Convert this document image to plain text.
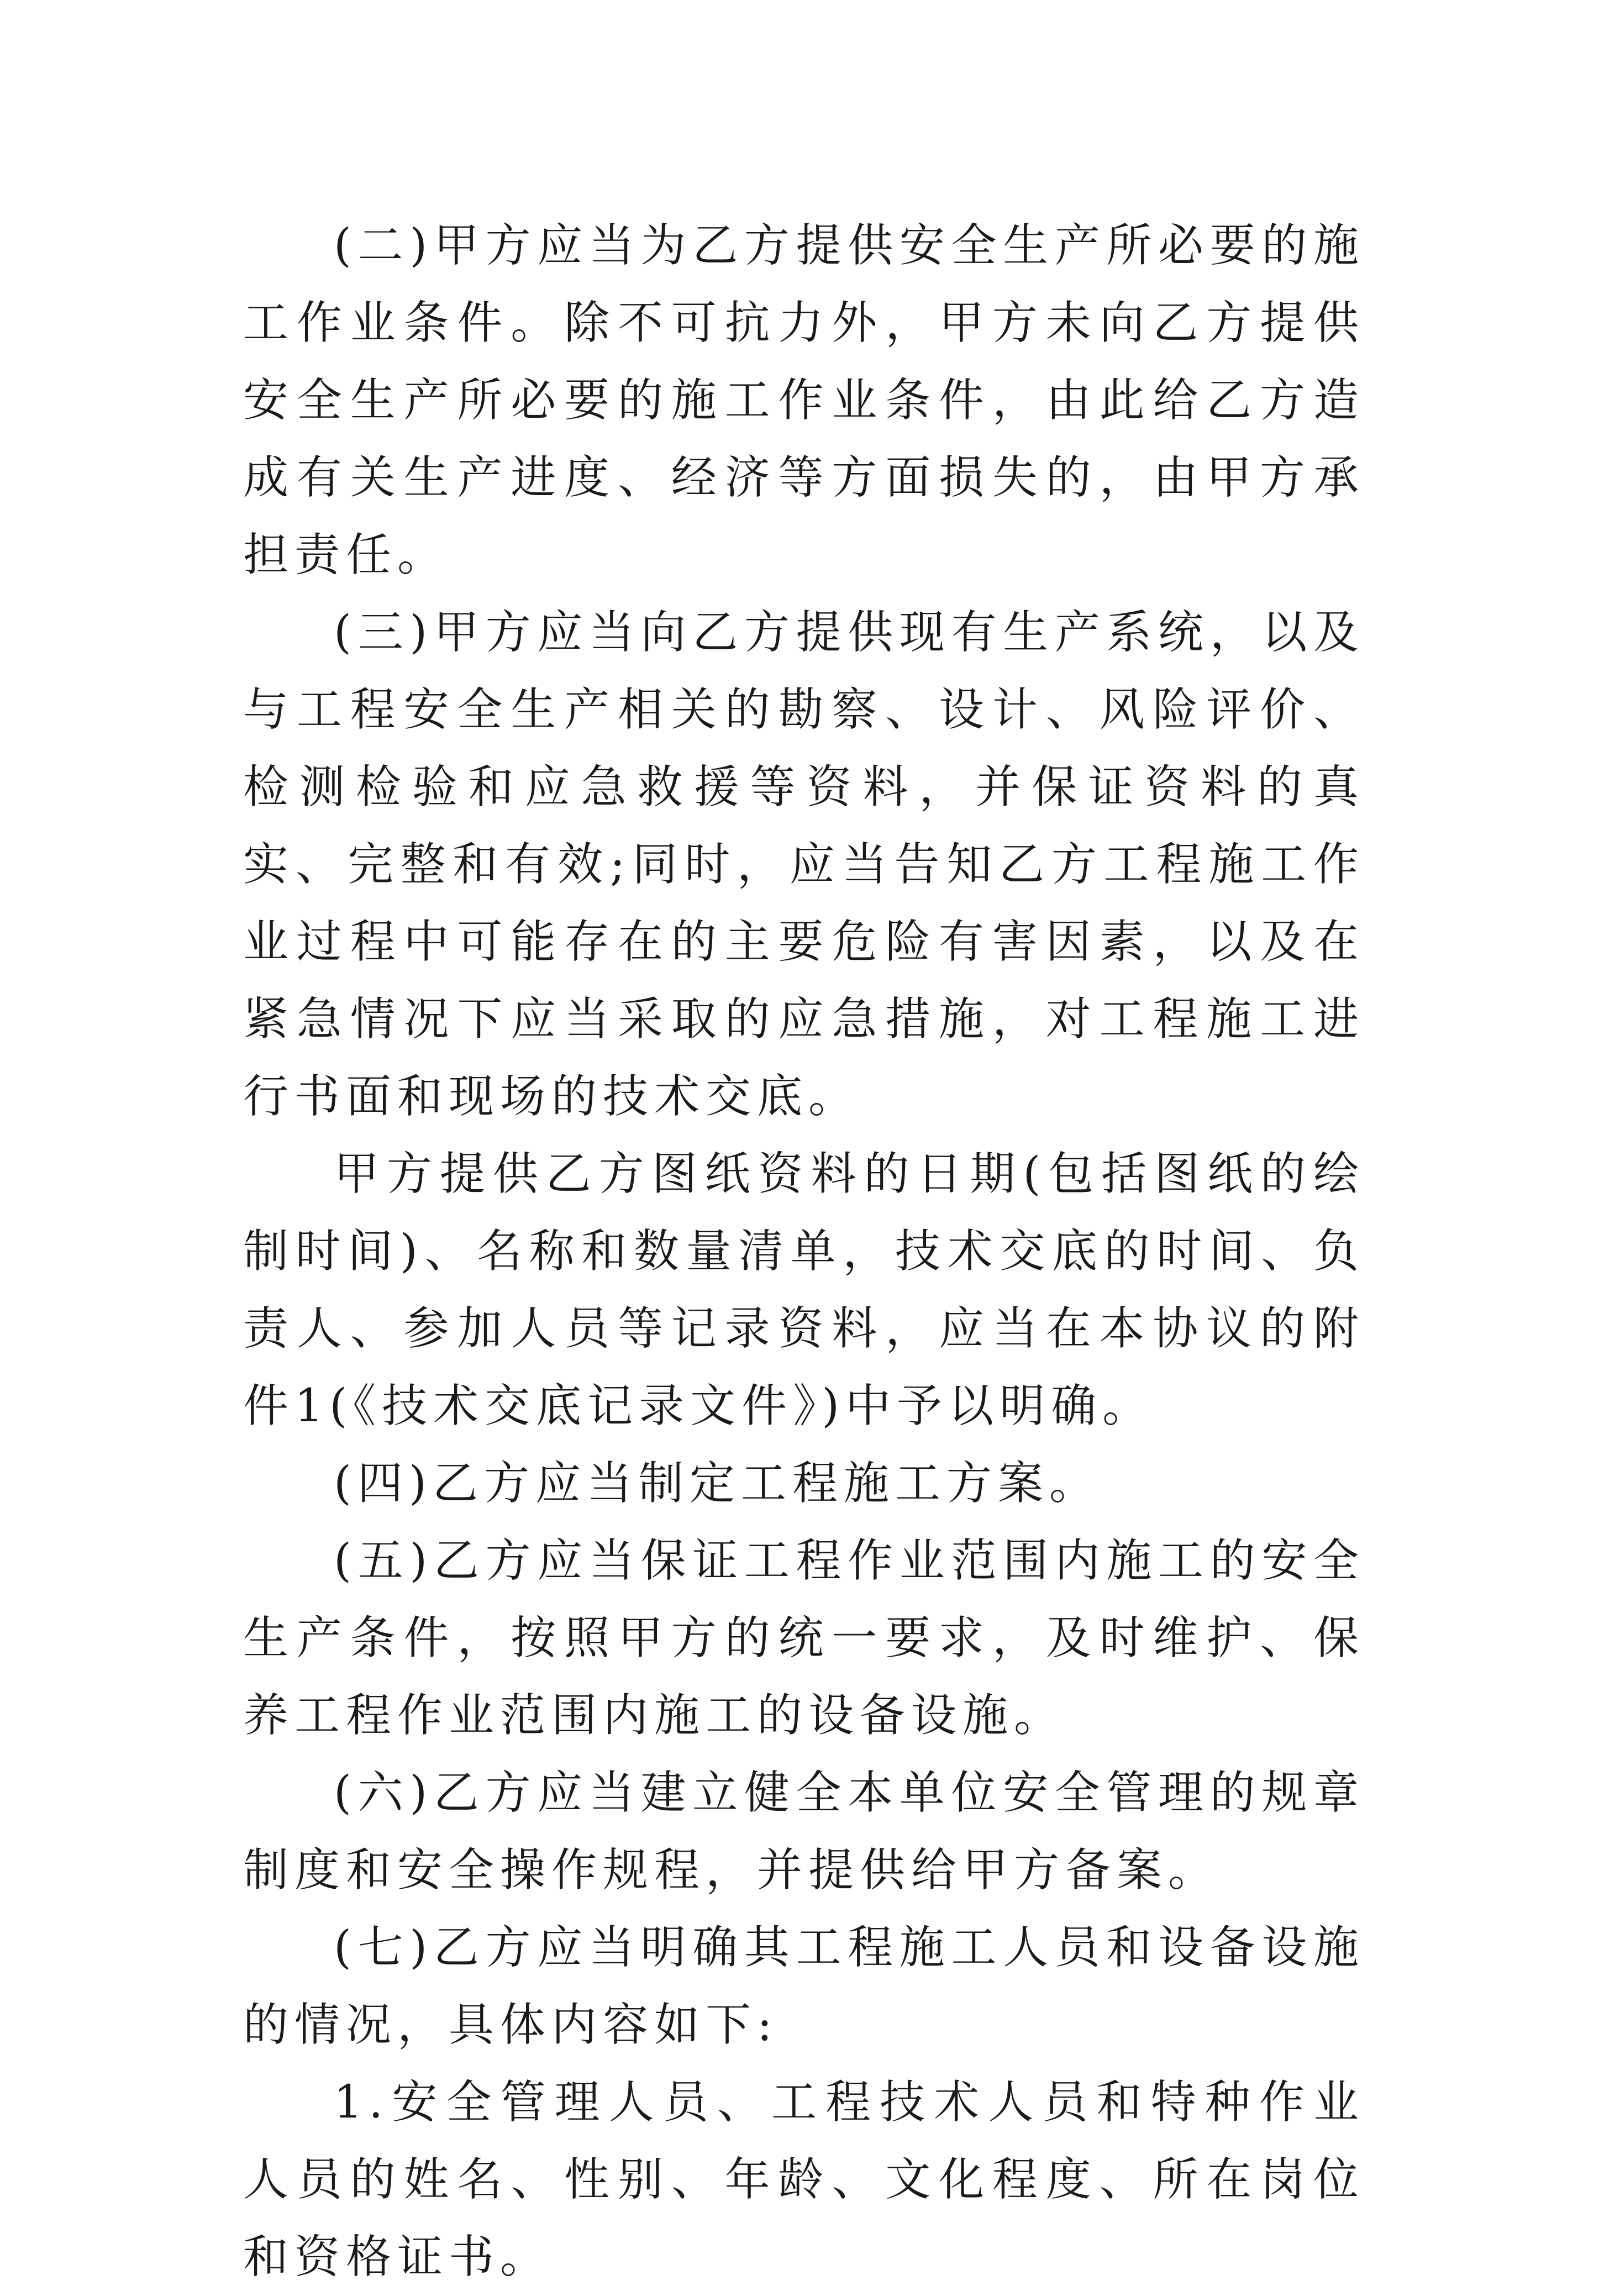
(二)甲方应当为乙方提供安全生产所必要的施工作业条件。除不可抗力外，甲方未向乙方提供安全生产所必要的施工作业条件，由此给乙方造成有关生产进度、经济等方面损失的，由甲方承担责任。

(三)甲方应当向乙方提供现有生产系统，以及与工程安全生产相关的勘察、设计、风险评价、检测检验和应急救援等资料，并保证资料的真实、完整和有效;同时，应当告知乙方工程施工作业过程中可能存在的主要危险有害因素，以及在紧急情况下应当采取的应急措施，对工程施工进行书面和现场的技术交底。

甲方提供乙方图纸资料的日期(包括图纸的绘制时间)、名称和数量清单，技术交底的时间、负责人、参加人员等记录资料，应当在本协议的附件1(《技术交底记录文件》)中予以明确。

(四)乙方应当制定工程施工方案。

(五)乙方应当保证工程作业范围内施工的安全生产条件，按照甲方的统一要求，及时维护、保养工程作业范围内施工的设备设施。

(六)乙方应当建立健全本单位安全管理的规章制度和安全操作规程，并提供给甲方备案。

(七)乙方应当明确其工程施工人员和设备设施的情况，具体内容如下:

1.安全管理人员、工程技术人员和特种作业人员的姓名、性别、年龄、文化程度、所在岗位和资格证书。
